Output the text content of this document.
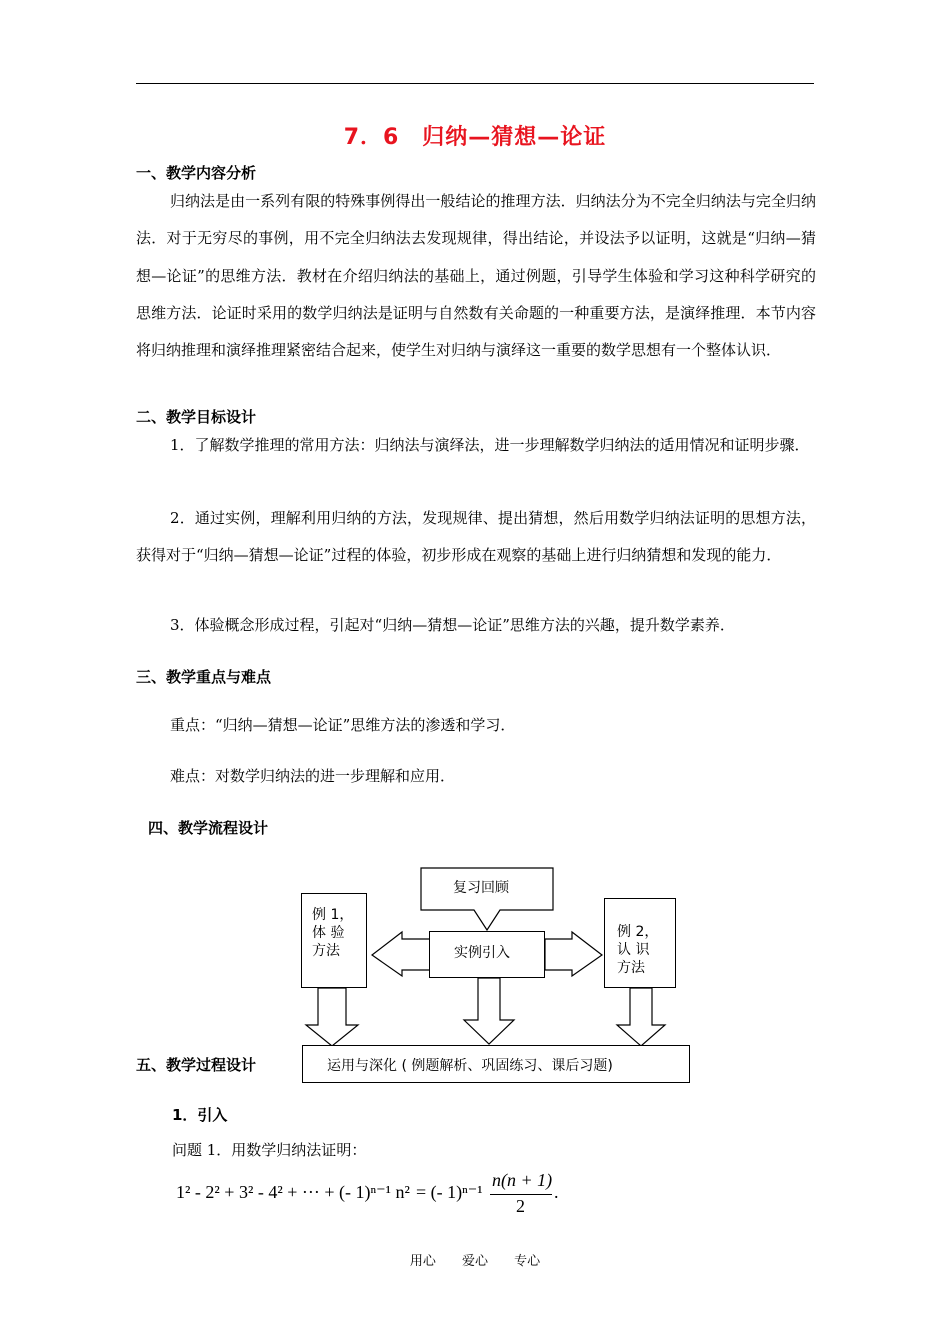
7．6　归纳—猜想—论证
一、教学内容分析
归纳法是由一系列有限的特殊事例得出一般结论的推理方法．归纳法分为不完全归纳法与完全归纳法．对于无穷尽的事例，用不完全归纳法去发现规律，得出结论，并设法予以证明，这就是“归纳—猜想—论证”的思维方法．教材在介绍归纳法的基础上，通过例题，引导学生体验和学习这种科学研究的思维方法．论证时采用的数学归纳法是证明与自然数有关命题的一种重要方法，是演绎推理．本节内容将归纳推理和演绎推理紧密结合起来，使学生对归纳与演绎这一重要的数学思想有一个整体认识．
二、教学目标设计
1．了解数学推理的常用方法：归纳法与演绎法，进一步理解数学归纳法的适用情况和证明步骤．
2．通过实例，理解利用归纳的方法，发现规律、提出猜想，然后用数学归纳法证明的思想方法，获得对于“归纳—猜想—论证”过程的体验，初步形成在观察的基础上进行归纳猜想和发现的能力．
3．体验概念形成过程，引起对“归纳—猜想—论证”思维方法的兴趣，提升数学素养．
三、教学重点与难点
重点：“归纳—猜想—论证”思维方法的渗透和学习．
难点：对数学归纳法的进一步理解和应用．
四、教学流程设计
复习回顾
实例引入
例 1，
体 验
方法
例 2，
认 识
方法
运用与深化 ( 例题解析、巩固练习、课后习题)
五、教学过程设计
1．引入
问题 1．用数学归纳法证明：
1² - 2² + 3² - 4² + ··· + (- 1)ⁿ⁻¹ n² = (- 1)ⁿ⁻¹
n(n + 1)
2
.
用心 爱心 专心
